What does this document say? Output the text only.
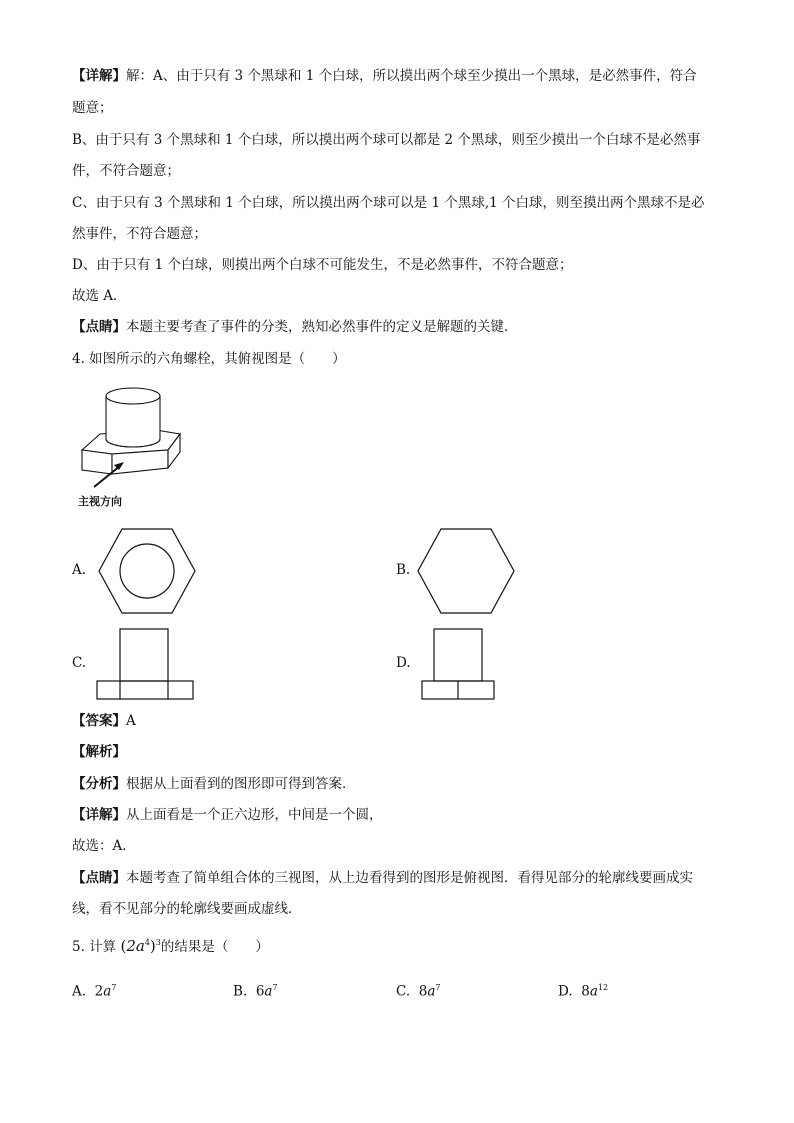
【详解】解：A、由于只有 3 个黑球和 1 个白球，所以摸出两个球至少摸出一个黑球，是必然事件，符合
题意；
B、由于只有 3 个黑球和 1 个白球，所以摸出两个球可以都是 2 个黑球，则至少摸出一个白球不是必然事
件，不符合题意；
C、由于只有 3 个黑球和 1 个白球，所以摸出两个球可以是 1 个黑球,1 个白球，则至摸出两个黑球不是必
然事件，不符合题意；
D、由于只有 1 个白球，则摸出两个白球不可能发生，不是必然事件，不符合题意；
故选 A．
【点睛】本题主要考查了事件的分类，熟知必然事件的定义是解题的关键．
4. 如图所示的六角螺栓，其俯视图是（　　）
主视方向
A.	B.
C.	D.
【答案】A
【解析】
【分析】根据从上面看到的图形即可得到答案．
【详解】从上面看是一个正六边形，中间是一个圆，
故选：A．
【点睛】本题考查了简单组合体的三视图，从上边看得到的图形是俯视图．看得见部分的轮廓线要画成实
线，看不见部分的轮廓线要画成虚线．
5. 计算 $(2a^4)^3$的结果是（　　）
A. $2a^7$	B. $6a^7$	C. $8a^7$	D. $8a^{12}$
